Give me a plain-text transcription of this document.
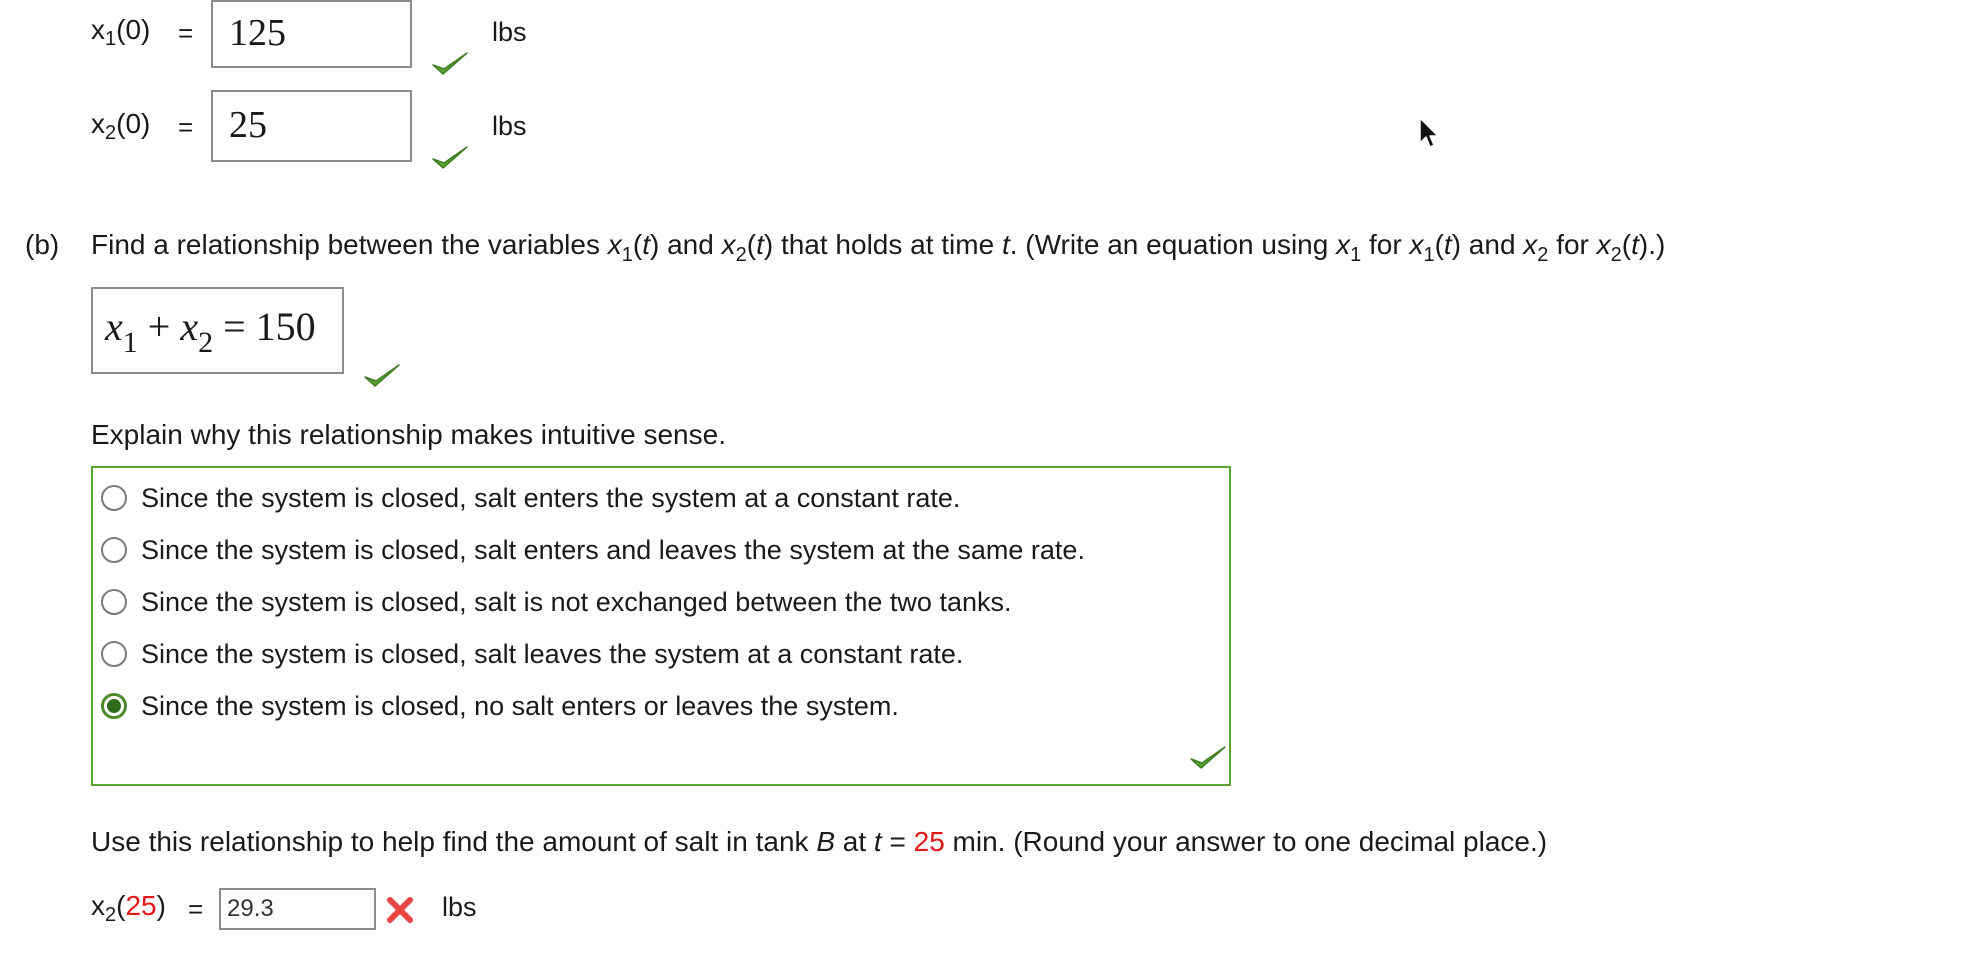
$x_1(0) = 125$	lbs
$x_2(0) = 25$	lbs
(b) Find a relationship between the variables $x_1(t)$ and $x_2(t)$ that holds at time t. (Write an equation using $x_1$ for $x_1(t)$ and $x_2$ for $x_2(t)$.)
$x_1 + x_2 = 150$
Explain why this relationship makes intuitive sense.
Since the system is closed, salt enters the system at a constant rate.
Since the system is closed, salt enters and leaves the system at the same rate.
Since the system is closed, salt is not exchanged between the two tanks.
Since the system is closed, salt leaves the system at a constant rate.
Since the system is closed, no salt enters or leaves the system.
Use this relationship to help find the amount of salt in tank B at t = 25 min. (Round your answer to one decimal place.)
$x_2(25) = 29.3$	lbs
